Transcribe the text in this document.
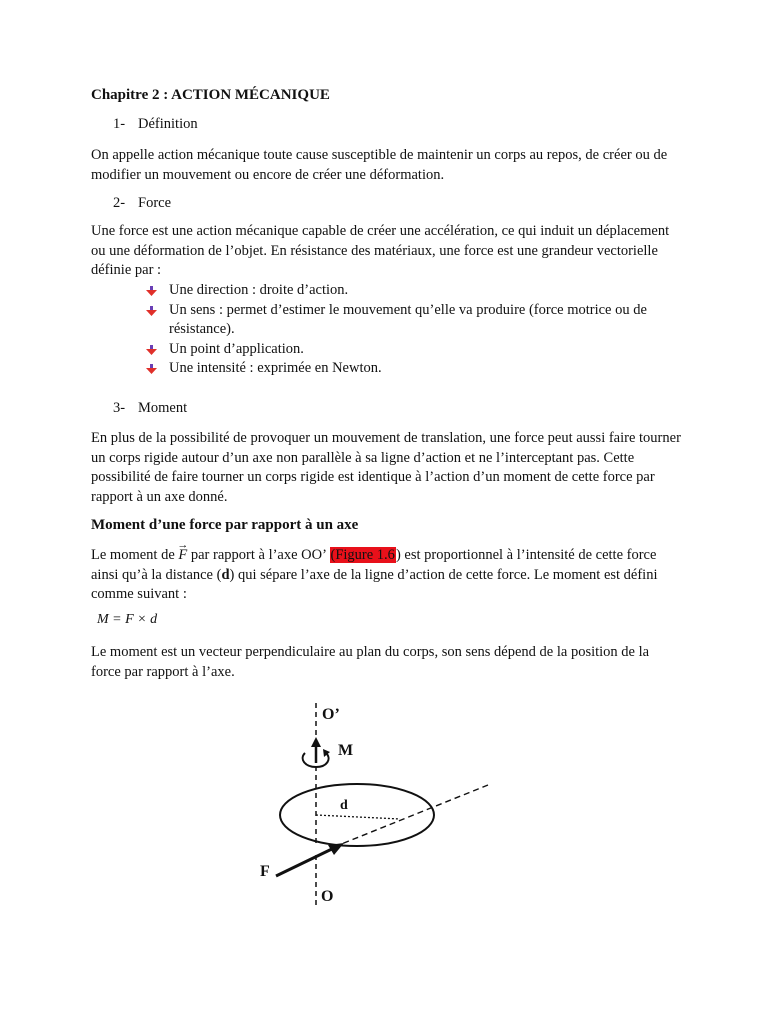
Chapitre 2 : ACTION MÉCANIQUE
1- Définition
On appelle action mécanique toute cause susceptible de maintenir un corps au repos, de créer ou de modifier un mouvement ou encore de créer une déformation.
2- Force
Une force est une action mécanique capable de créer une accélération, ce qui induit un déplacement ou une déformation de l’objet. En résistance des matériaux, une force est une grandeur vectorielle définie par :
Une direction : droite d’action.
Un sens : permet d’estimer le mouvement qu’elle va produire (force motrice ou de résistance).
Un point d’application.
Une intensité : exprimée en Newton.
3- Moment
En plus de la possibilité de provoquer un mouvement de translation, une force peut aussi faire tourner un corps rigide autour d’un axe non parallèle à sa ligne d’action et ne l’interceptant pas. Cette possibilité de faire tourner un corps rigide est identique à l’action d’un moment de cette force par rapport à un axe donné.
Moment d’une force par rapport à un axe
Le moment de → F par rapport à l’axe OO’ (Figure 1.6) est proportionnel à l’intensité de cette force ainsi qu’à la distance (d) qui sépare l’axe de la ligne d’action de cette force. Le moment est défini comme suivant :
M = F × d
Le moment est un vecteur perpendiculaire au plan du corps, son sens dépend de la position de la force par rapport à l’axe.
O’
M
d
F
O
